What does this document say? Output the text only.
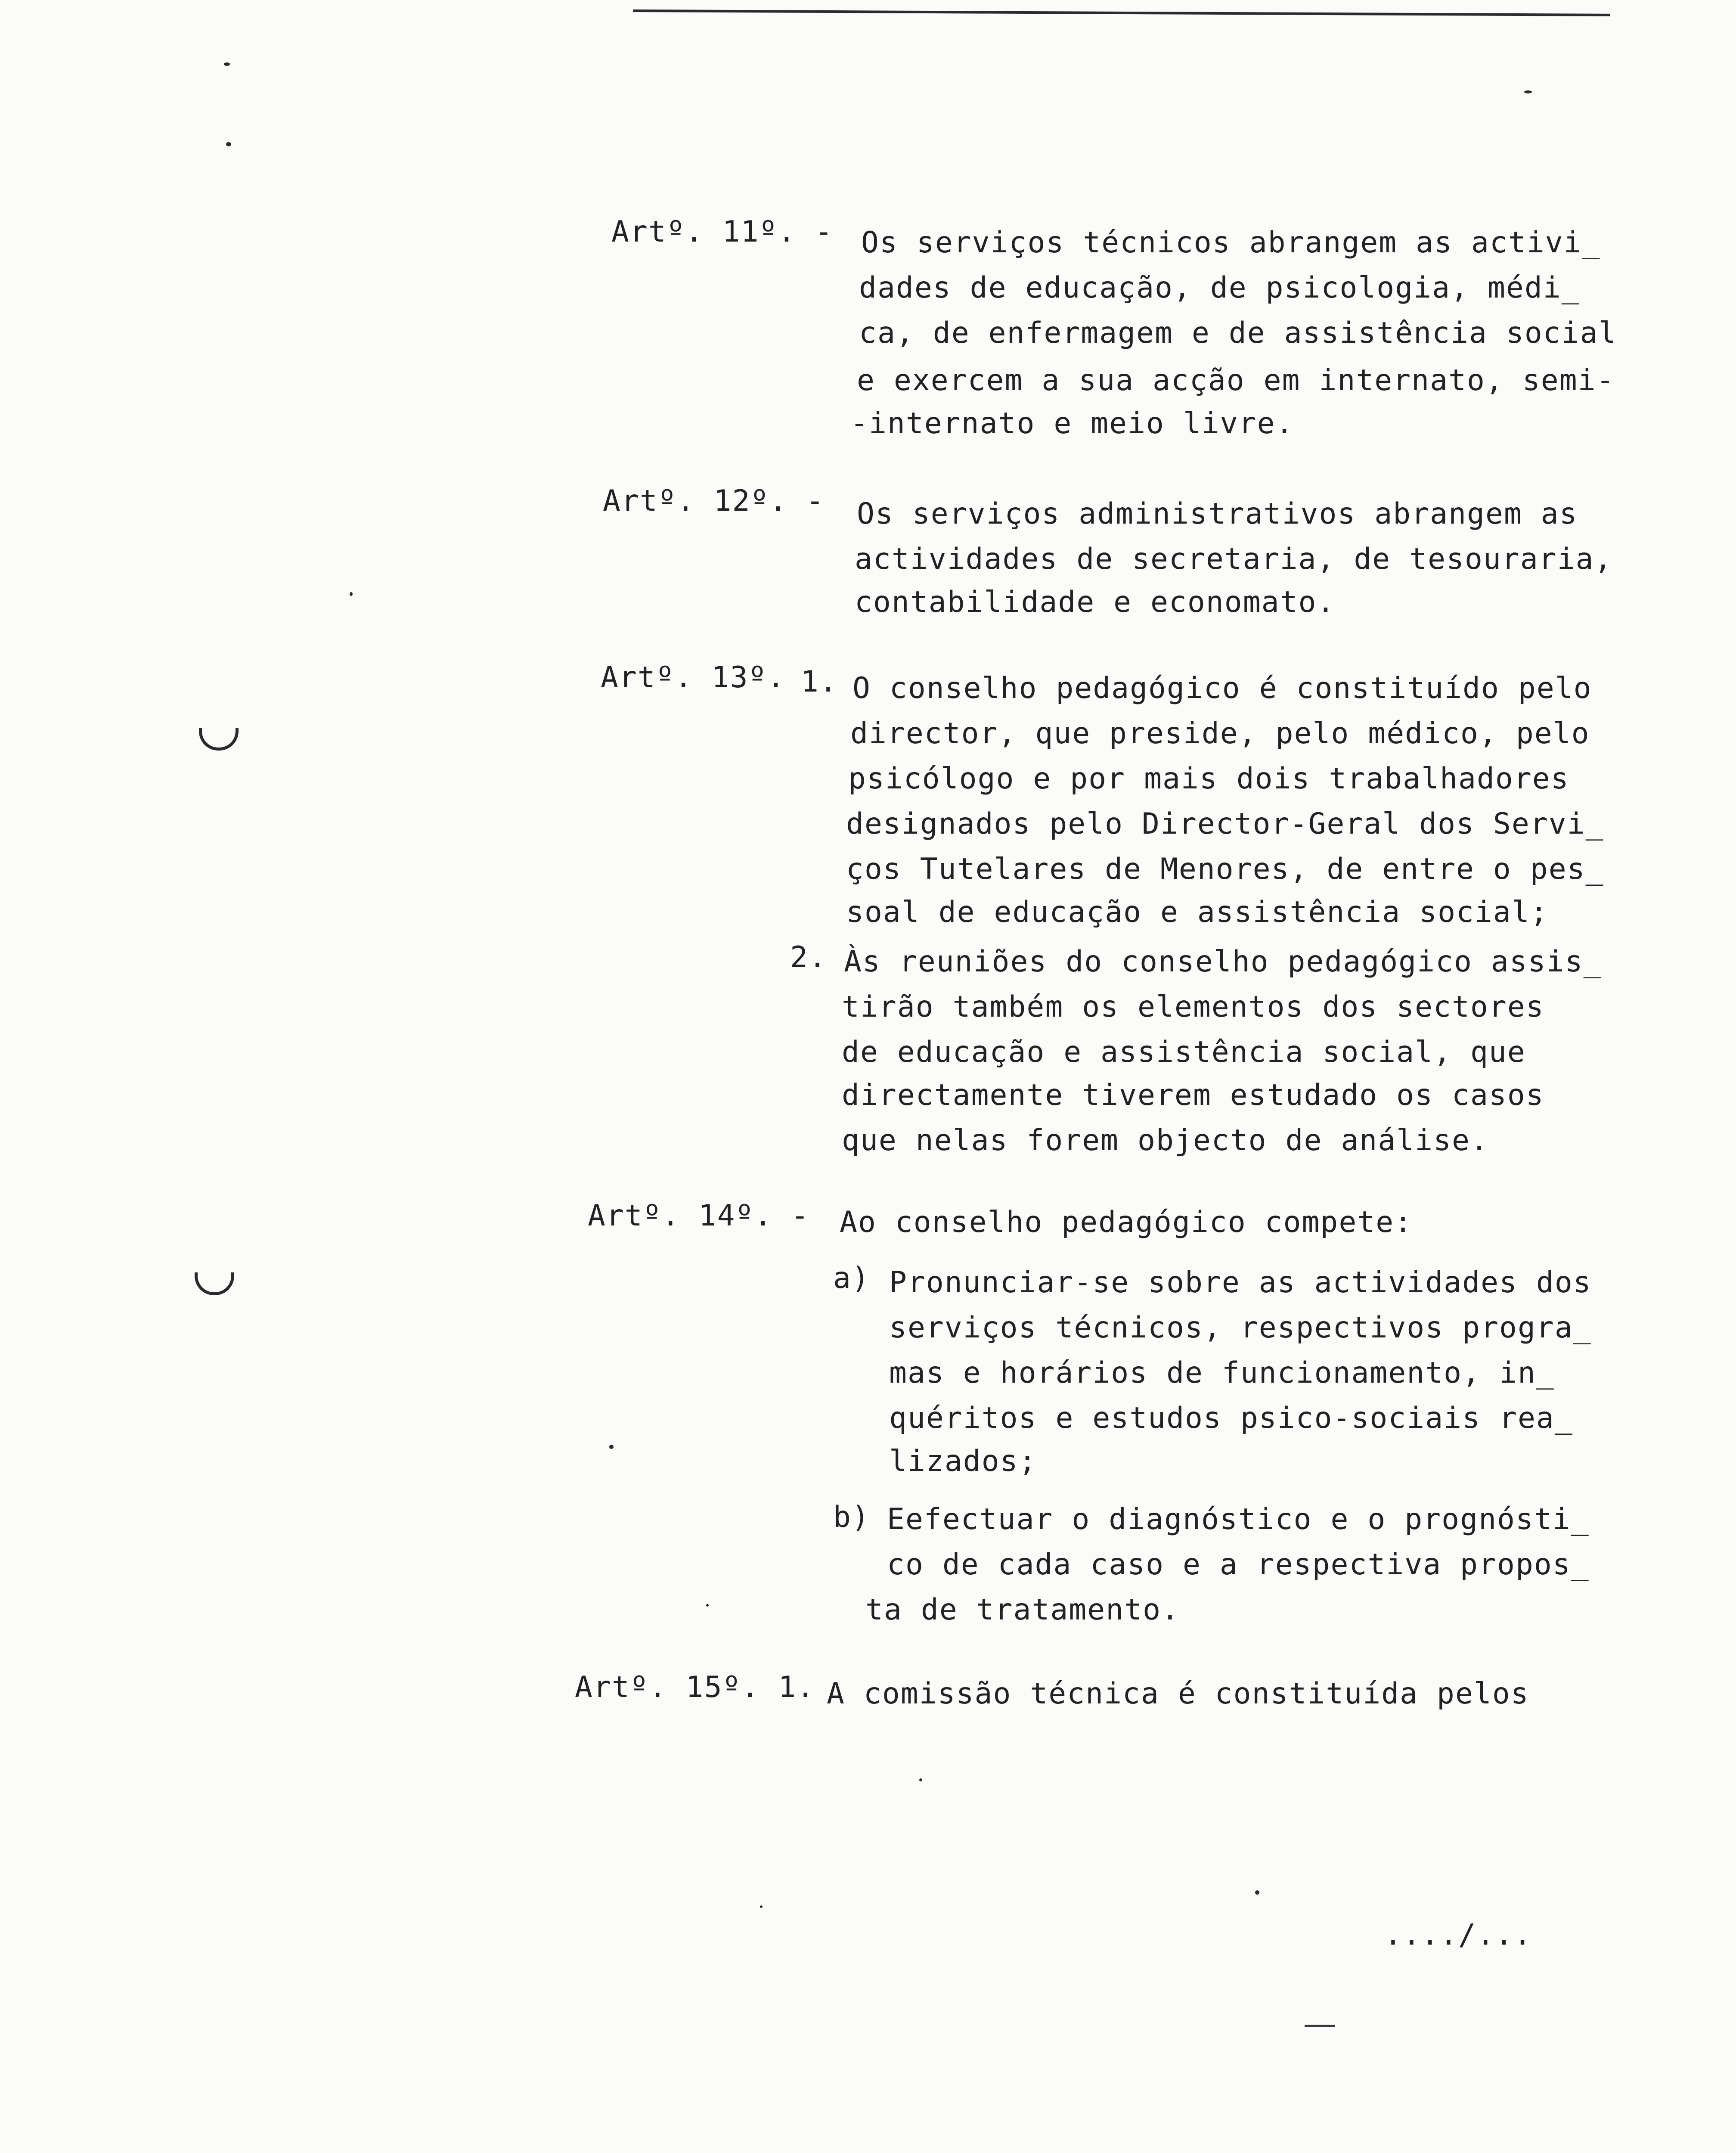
Artº. 11º. - Os serviços técnicos abrangem as activi_
dades de educação, de psicologia, médi_
ca, de enfermagem e de assistência social
e exercem a sua acção em internato, semi-
-internato e meio livre.
Artº. 12º. - Os serviços administrativos abrangem as
actividades de secretaria, de tesouraria,
contabilidade e economato.
Artº. 13º. 1. O conselho pedagógico é constituído pelo
director, que preside, pelo médico, pelo
psicólogo e por mais dois trabalhadores
designados pelo Director-Geral dos Servi_
ços Tutelares de Menores, de entre o pes_
soal de educação e assistência social;
2. Às reuniões do conselho pedagógico assis_
tirão também os elementos dos sectores
de educação e assistência social, que
directamente tiverem estudado os casos
que nelas forem objecto de análise.
Artº. 14º. - Ao conselho pedagógico compete:
a) Pronunciar-se sobre as actividades dos
serviços técnicos, respectivos progra_
mas e horários de funcionamento, in_
quéritos e estudos psico-sociais rea_
lizados;
b) Eefectuar o diagnóstico e o prognósti_
co de cada caso e a respectiva propos_
ta de tratamento.
Artº. 15º. 1. A comissão técnica é constituída pelos
..../...
